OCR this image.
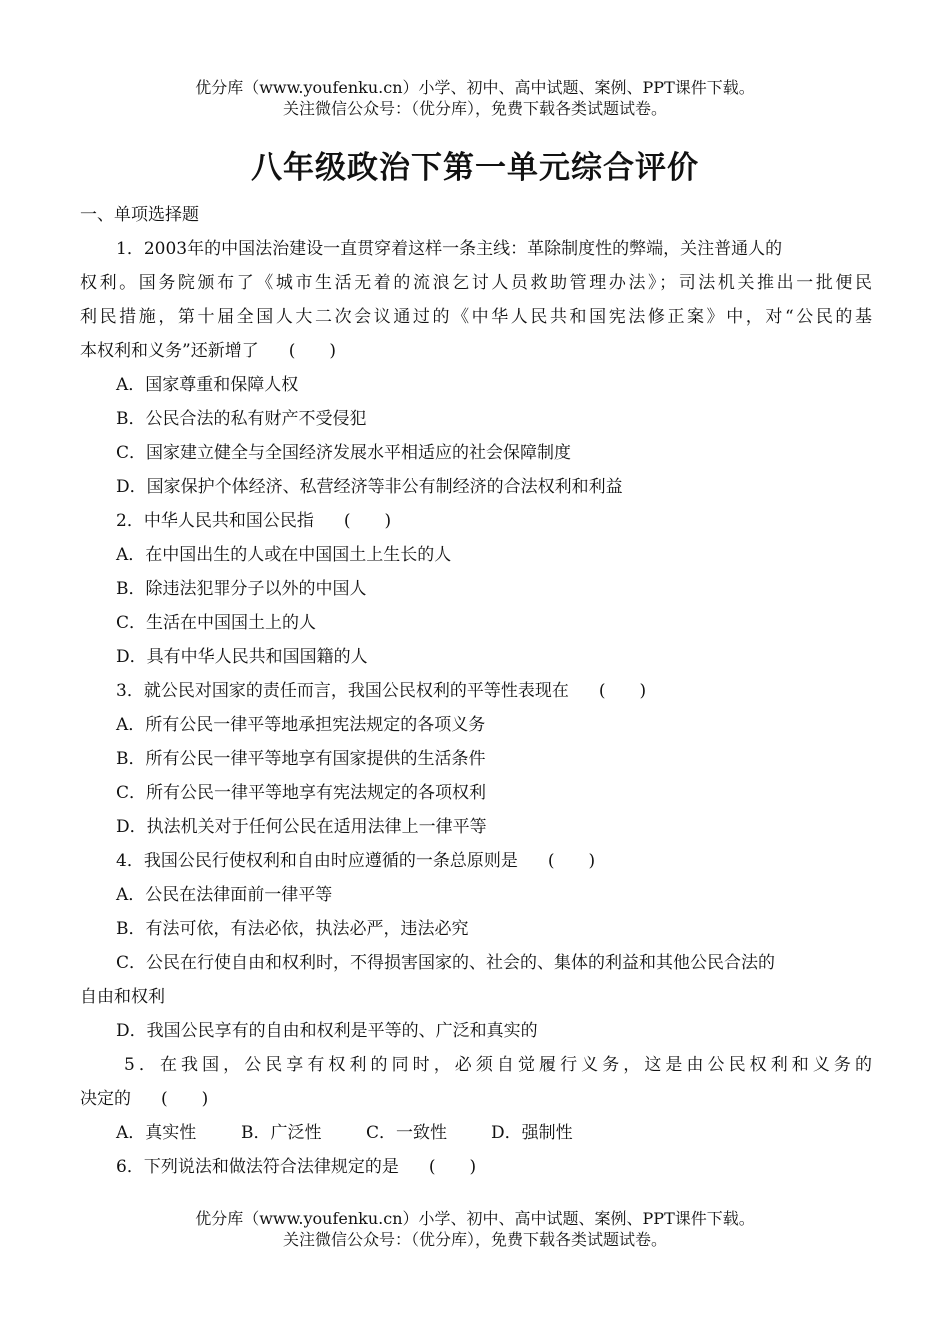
优分库（www.youfenku.cn）小学、初中、高中试题、案例、PPT课件下载。
关注微信公众号：（优分库），免费下载各类试题试卷。
八年级政治下第一单元综合评价
一、单项选择题
1．2003年的中国法治建设一直贯穿着这样一条主线：革除制度性的弊端，关注普通人的
权利。国务院颁布了《城市生活无着的流浪乞讨人员救助管理办法》；司法机关推出一批便民
利民措施，第十届全国人大二次会议通过的《中华人民共和国宪法修正案》中，对“公民的基
本权利和义务”还新增了 (　　)
A．国家尊重和保障人权
B．公民合法的私有财产不受侵犯
C．国家建立健全与全国经济发展水平相适应的社会保障制度
D．国家保护个体经济、私营经济等非公有制经济的合法权利和利益
2．中华人民共和国公民指 (　　)
A．在中国出生的人或在中国国土上生长的人
B．除违法犯罪分子以外的中国人
C．生活在中国国土上的人
D．具有中华人民共和国国籍的人
3．就公民对国家的责任而言，我国公民权利的平等性表现在 (　　)
A．所有公民一律平等地承担宪法规定的各项义务
B．所有公民一律平等地享有国家提供的生活条件
C．所有公民一律平等地享有宪法规定的各项权利
D．执法机关对于任何公民在适用法律上一律平等
4．我国公民行使权利和自由时应遵循的一条总原则是 (　　)
A．公民在法律面前一律平等
B．有法可依，有法必依，执法必严，违法必究
C．公民在行使自由和权利时，不得损害国家的、社会的、集体的利益和其他公民合法的
自由和权利
D．我国公民享有的自由和权利是平等的、广泛和真实的
5．在我国，公民享有权利的同时，必须自觉履行义务，这是由公民权利和义务的
决定的 (　　)
A．真实性	B．广泛性	C．一致性	D．强制性
6．下列说法和做法符合法律规定的是 (　　)
优分库（www.youfenku.cn）小学、初中、高中试题、案例、PPT课件下载。
关注微信公众号：（优分库），免费下载各类试题试卷。
